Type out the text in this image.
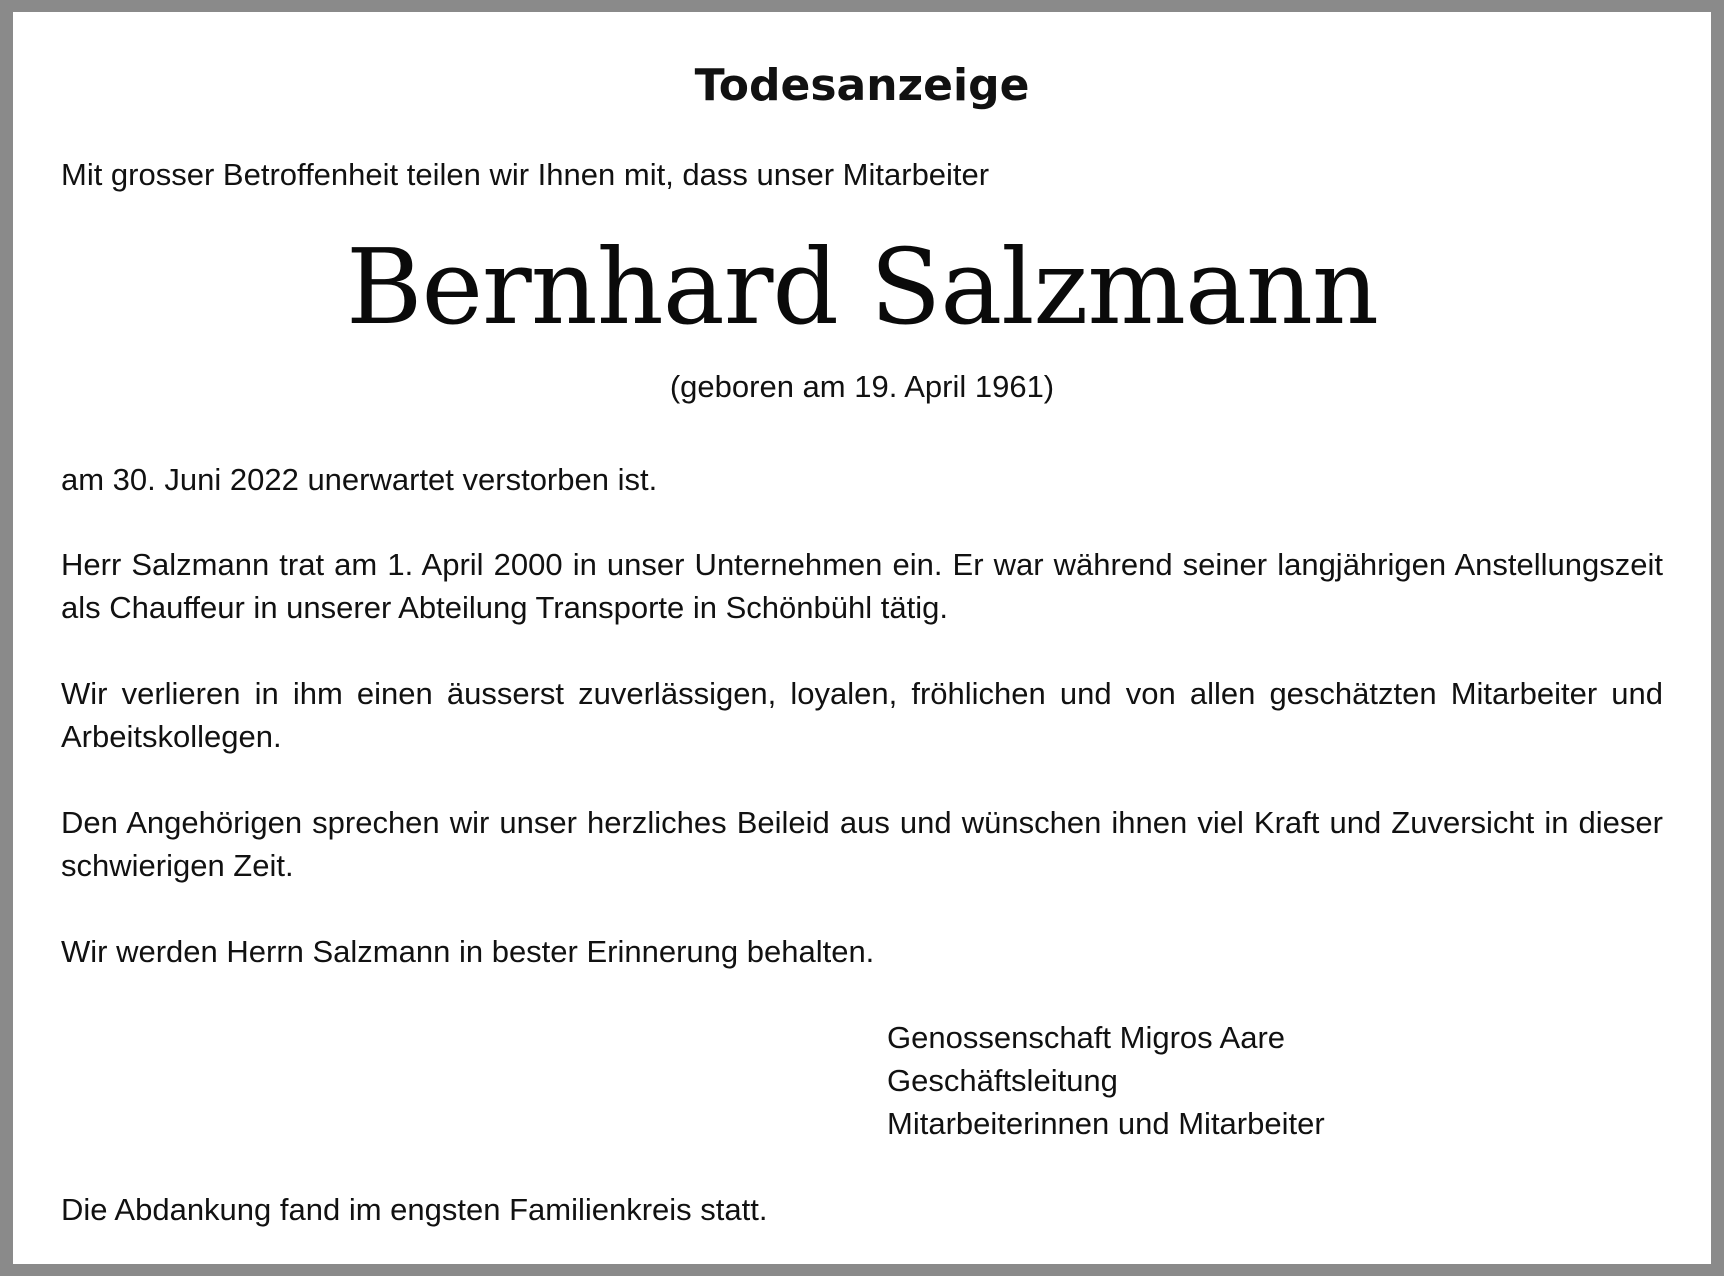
Todesanzeige
Mit grosser Betroffenheit teilen wir Ihnen mit, dass unser Mitarbeiter
Bernhard Salzmann
(geboren am 19. April 1961)

am 30. Juni 2022 unerwartet verstorben ist.

Herr Salzmann trat am 1. April 2000 in unser Unternehmen ein. Er war während seiner langjährigen Anstellungszeit als Chauffeur in unserer Abteilung Transporte in Schönbühl tätig.

Wir verlieren in ihm einen äusserst zuverlässigen, loyalen, fröhlichen und von allen geschätzten Mitarbeiter und Arbeitskollegen.

Den Angehörigen sprechen wir unser herzliches Beileid aus und wünschen ihnen viel Kraft und Zuversicht in dieser schwierigen Zeit.

Wir werden Herrn Salzmann in bester Erinnerung behalten.

Genossenschaft Migros Aare
Geschäftsleitung
Mitarbeiterinnen und Mitarbeiter
Die Abdankung fand im engsten Familienkreis statt.
